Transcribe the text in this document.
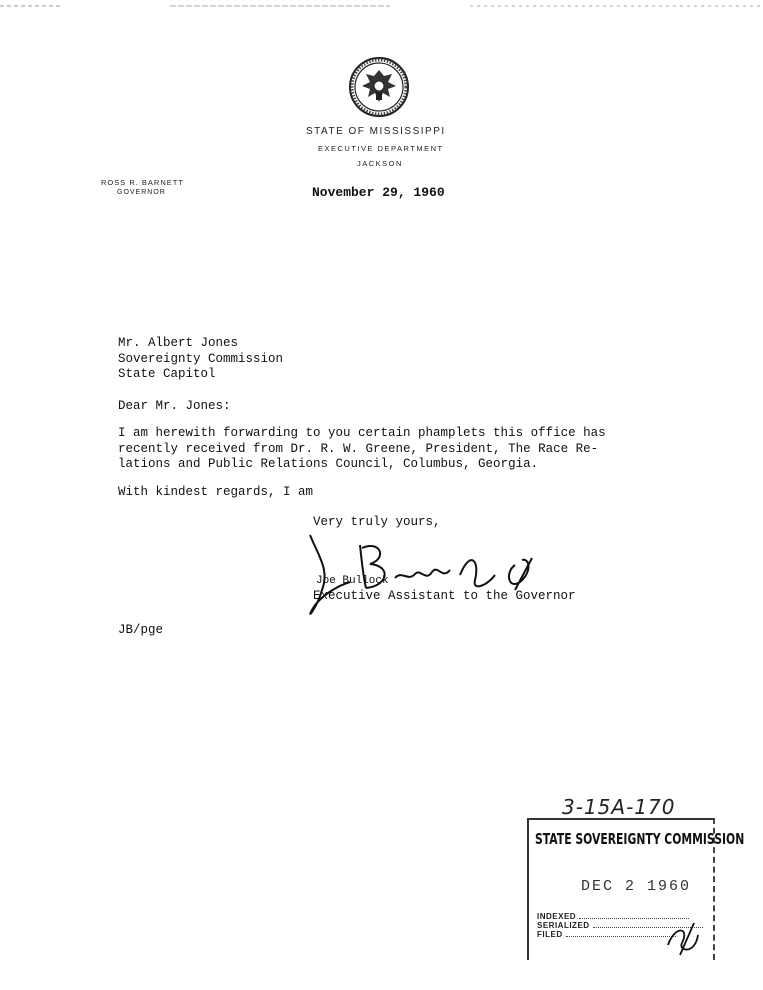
STATE OF MISSISSIPPI
EXECUTIVE DEPARTMENT
JACKSON
ROSS R. BARNETT
GOVERNOR	November 29, 1960
Mr. Albert Jones
Sovereignty Commission
State Capitol
Dear Mr. Jones:
I am herewith forwarding to you certain phamplets this office has
recently received from Dr. R. W. Greene, President, The Race Re-
lations and Public Relations Council, Columbus, Georgia.
With kindest regards, I am
Very truly yours,
Joe Bullock
Executive Assistant to the Governor
JB/pge
3-15A-170
STATE SOVEREIGNTY COMMISSION
DEC 2 1960
INDEXED
SERIALIZED
FILED
